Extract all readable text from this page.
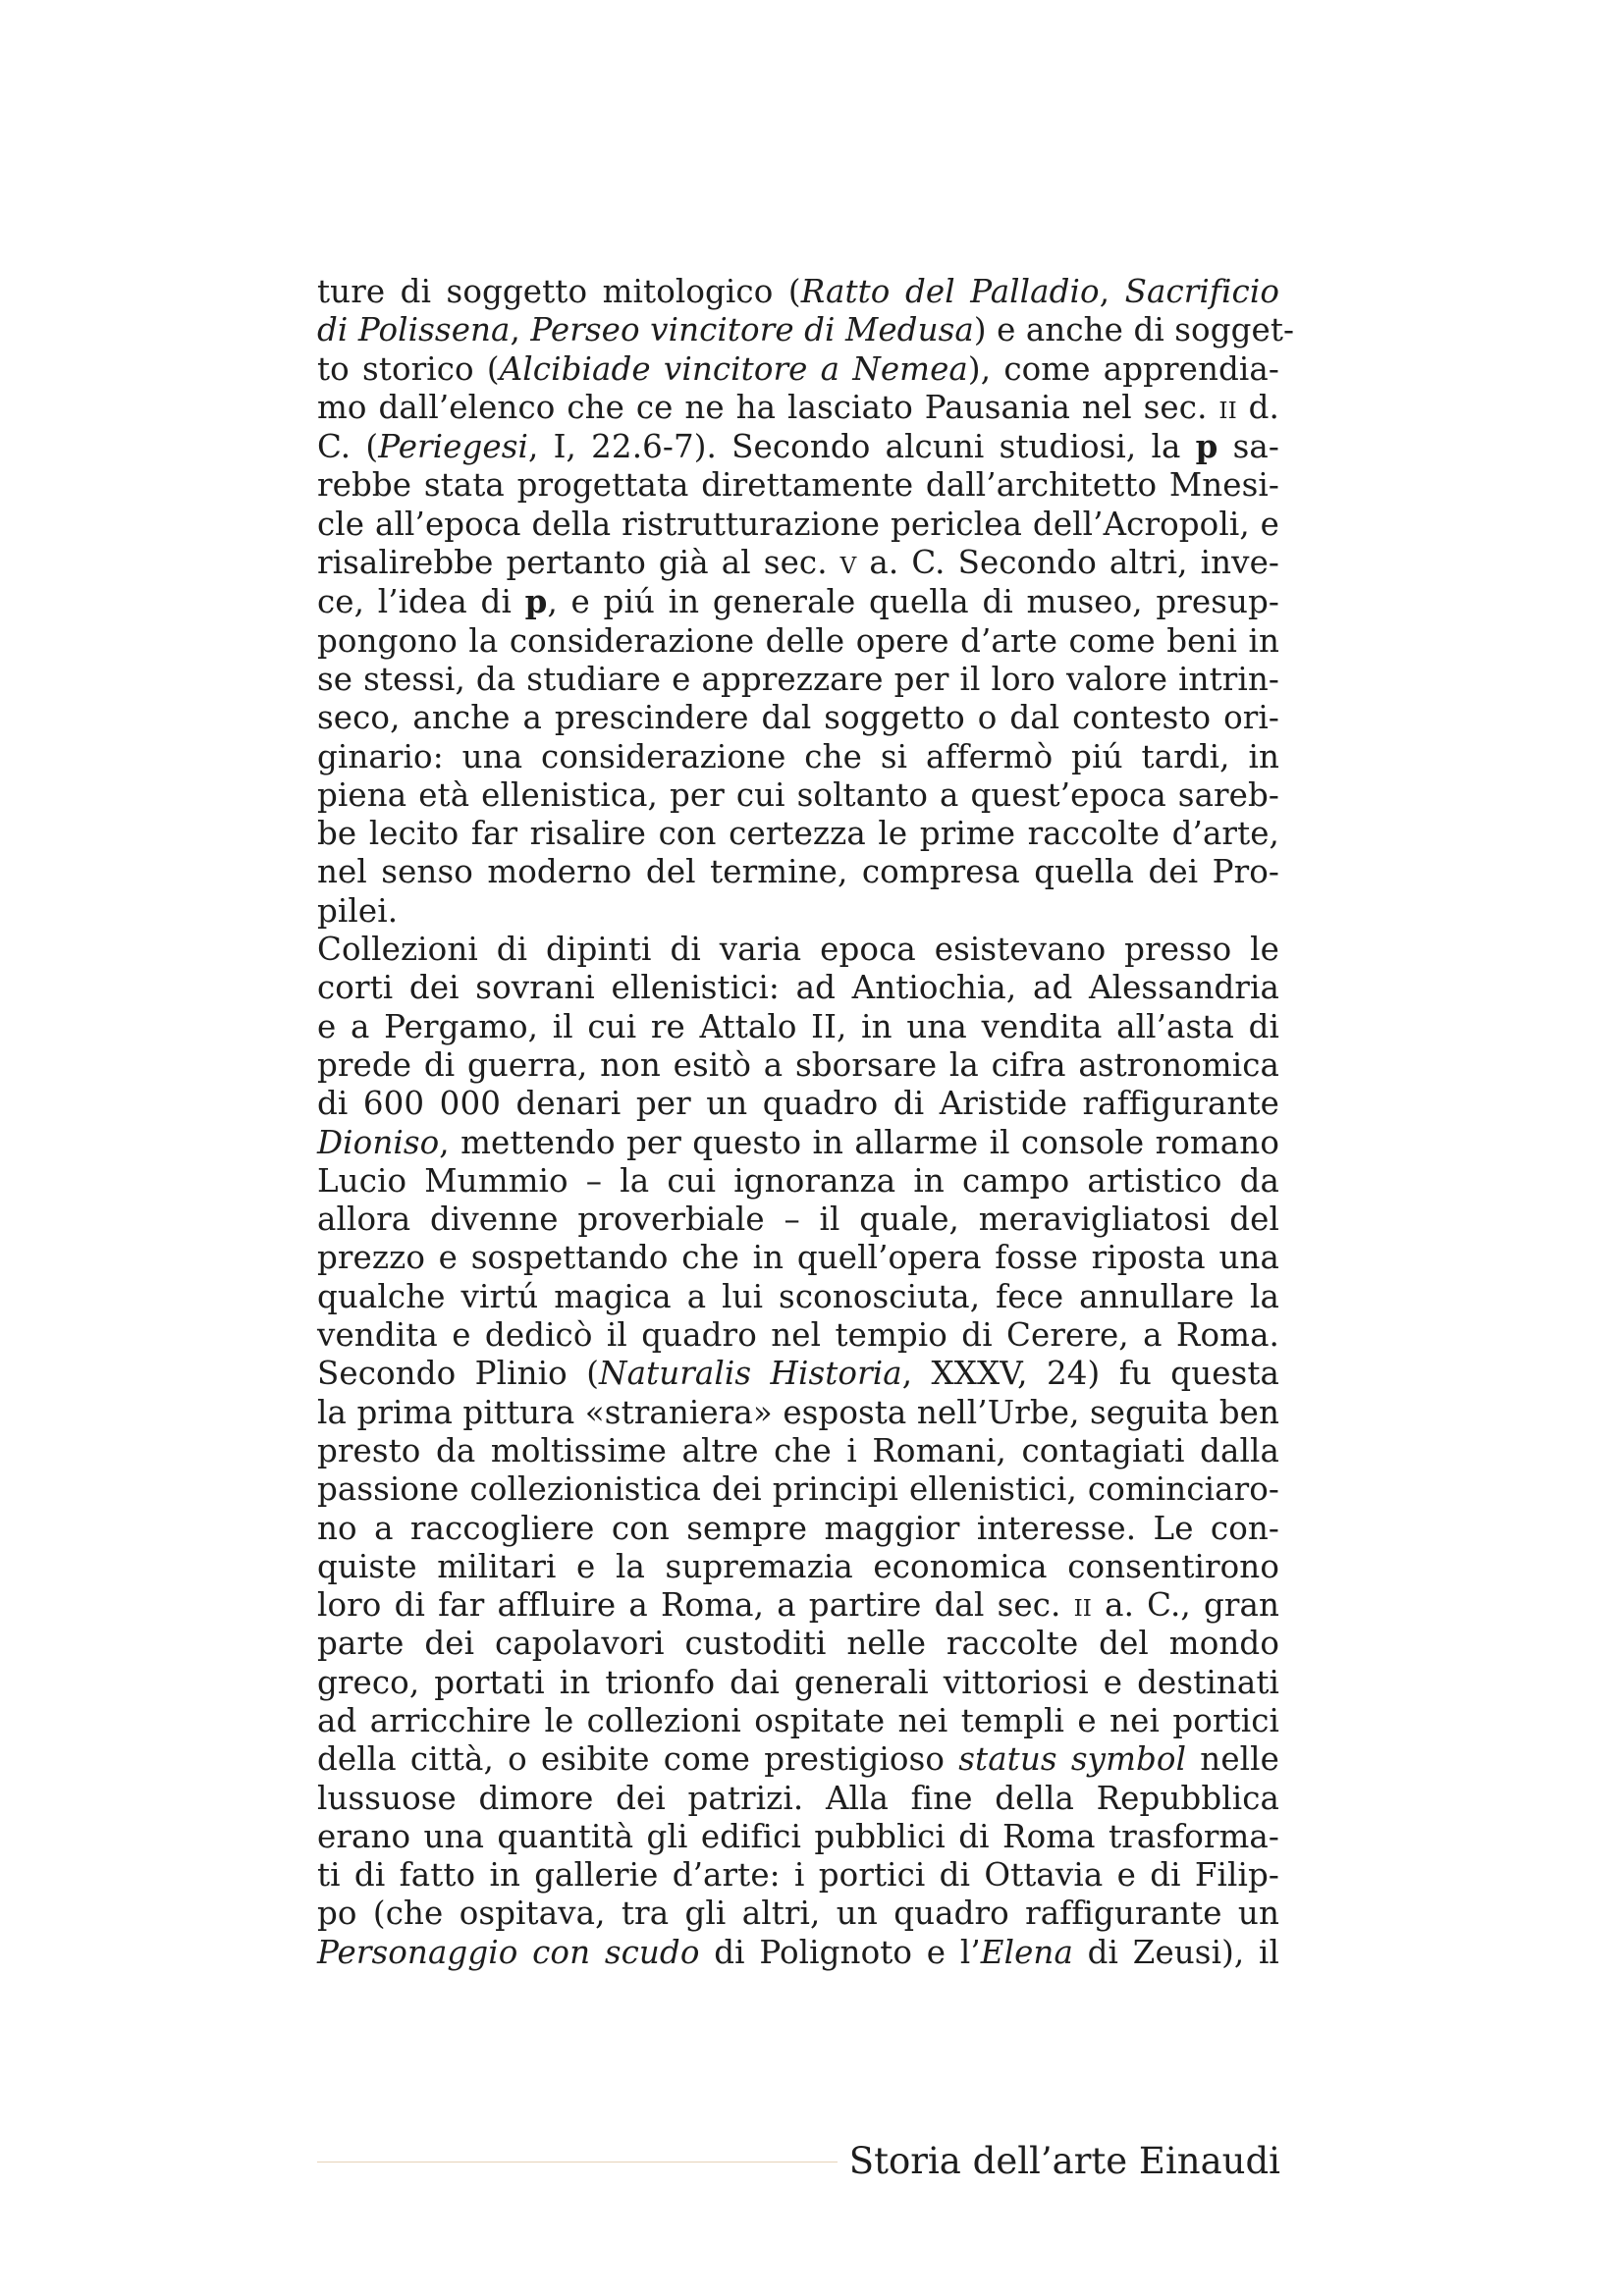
ture di soggetto mitologico (Ratto del Palladio, Sacrificio
di Polissena, Perseo vincitore di Medusa) e anche di sogget-
to storico (Alcibiade vincitore a Nemea), come apprendia-
mo dall’elenco che ce ne ha lasciato Pausania nel sec. ii d.
C. (Periegesi, I, 22.6-7). Secondo alcuni studiosi, la p sa-
rebbe stata progettata direttamente dall’architetto Mnesi-
cle all’epoca della ristrutturazione periclea dell’Acropoli, e
risalirebbe pertanto già al sec. v a. C. Secondo altri, inve-
ce, l’idea di p, e piú in generale quella di museo, presup-
pongono la considerazione delle opere d’arte come beni in
se stessi, da studiare e apprezzare per il loro valore intrin-
seco, anche a prescindere dal soggetto o dal contesto ori-
ginario: una considerazione che si affermò piú tardi, in
piena età ellenistica, per cui soltanto a quest’epoca sareb-
be lecito far risalire con certezza le prime raccolte d’arte,
nel senso moderno del termine, compresa quella dei Pro-
pilei.
Collezioni di dipinti di varia epoca esistevano presso le
corti dei sovrani ellenistici: ad Antiochia, ad Alessandria
e a Pergamo, il cui re Attalo II, in una vendita all’asta di
prede di guerra, non esitò a sborsare la cifra astronomica
di 600 000 denari per un quadro di Aristide raffigurante
Dioniso, mettendo per questo in allarme il console romano
Lucio Mummio – la cui ignoranza in campo artistico da
allora divenne proverbiale – il quale, meravigliatosi del
prezzo e sospettando che in quell’opera fosse riposta una
qualche virtú magica a lui sconosciuta, fece annullare la
vendita e dedicò il quadro nel tempio di Cerere, a Roma.
Secondo Plinio (Naturalis Historia, XXXV, 24) fu questa
la prima pittura «straniera» esposta nell’Urbe, seguita ben
presto da moltissime altre che i Romani, contagiati dalla
passione collezionistica dei principi ellenistici, cominciaro-
no a raccogliere con sempre maggior interesse. Le con-
quiste militari e la supremazia economica consentirono
loro di far affluire a Roma, a partire dal sec. ii a. C., gran
parte dei capolavori custoditi nelle raccolte del mondo
greco, portati in trionfo dai generali vittoriosi e destinati
ad arricchire le collezioni ospitate nei templi e nei portici
della città, o esibite come prestigioso status symbol nelle
lussuose dimore dei patrizi. Alla fine della Repubblica
erano una quantità gli edifici pubblici di Roma trasforma-
ti di fatto in gallerie d’arte: i portici di Ottavia e di Filip-
po (che ospitava, tra gli altri, un quadro raffigurante un
Personaggio con scudo di Polignoto e l’Elena di Zeusi), il
Storia dell’arte Einaudi
